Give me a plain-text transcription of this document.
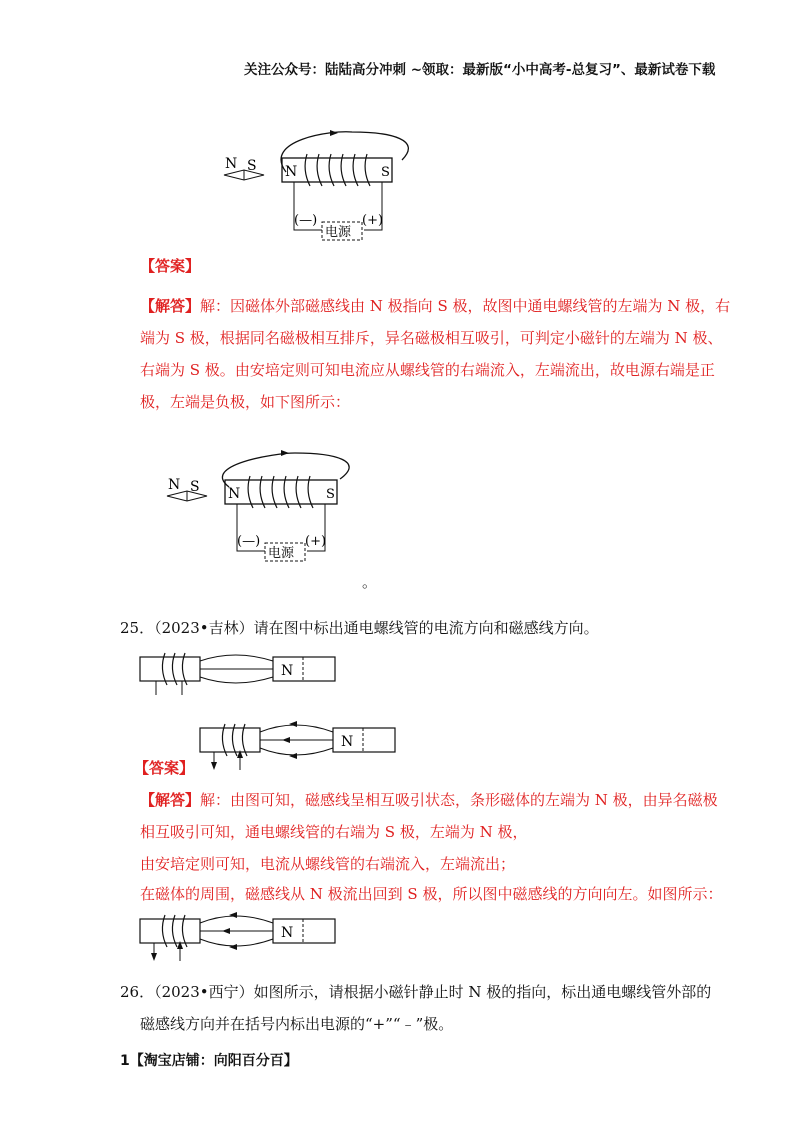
关注公众号：陆陆高分冲刺 ~领取：最新版“小中高考-总复习”、最新试卷下载
N	S
N S
电源
(—)	(+)
【答案】
【解答】解：因磁体外部磁感线由 N 极指向 S 极，故图中通电螺线管的左端为 N 极，右
端为 S 极，根据同名磁极相互排斥，异名磁极相互吸引，可判定小磁针的左端为 N 极、
右端为 S 极。由安培定则可知电流应从螺线管的右端流入，左端流出，故电源右端是正
极，左端是负极，如下图所示：
N	S
N S
电源
(—)	(+)
。
25．（2023•吉林）请在图中标出通电螺线管的电流方向和磁感线方向。
N
N
【答案】
【解答】解：由图可知，磁感线呈相互吸引状态，条形磁体的左端为 N 极，由异名磁极
相互吸引可知，通电螺线管的右端为 S 极，左端为 N 极，
由安培定则可知，电流从螺线管的右端流入，左端流出；
在磁体的周围，磁感线从 N 极流出回到 S 极，所以图中磁感线的方向向左。如图所示：
N
26．（2023•西宁）如图所示，请根据小磁针静止时 N 极的指向，标出通电螺线管外部的
磁感线方向并在括号内标出电源的“+”“﹣”极。
1【淘宝店铺：向阳百分百】
